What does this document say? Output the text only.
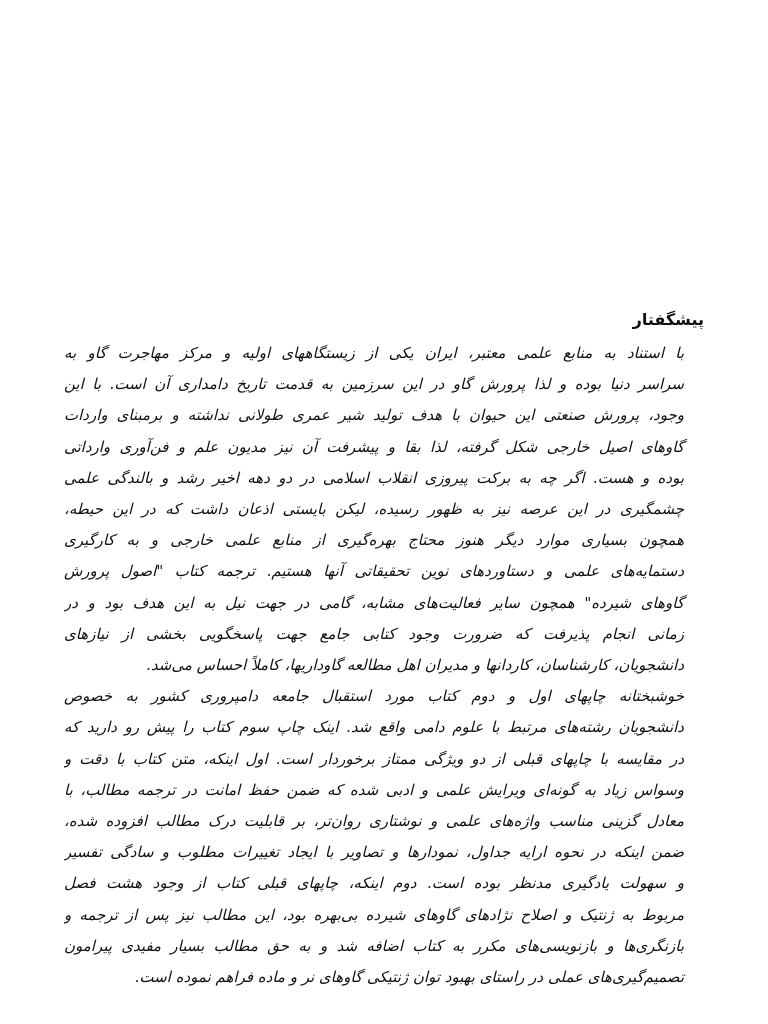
پیشگفتار

با استناد به منابع علمی معتبر، ایران یکی از زیستگاههای اولیه و مرکز مهاجرت گاو به
سراسر دنیا بوده و لذا پرورش گاو در این سرزمین به قدمت تاریخ دامداری آن است. با این
وجود، پرورش صنعتی این حیوان با هدف تولید شیر عمری طولانی نداشته و برمبنای واردات
گاوهای اصیل خارجی شکل گرفته، لذا بقا و پیشرفت آن نیز مدیون علم و فن‌آوری وارداتی
بوده و هست. اگر چه به برکت پیروزی انقلاب اسلامی در دو دهه اخیر رشد و بالندگی علمی
چشمگیری در این عرصه نیز به ظهور رسیده، لیکن بایستی اذعان داشت که در این حیطه،
همچون بسیاری موارد دیگر هنوز محتاج بهره‌گیری از منابع علمی خارجی و به کارگیری
دستمایه‌های علمی و دستاوردهای نوین تحقیقاتی آنها هستیم. ترجمه کتاب "اصول پرورش
گاوهای شیرده" همچون سایر فعالیت‌های مشابه، گامی در جهت نیل به این هدف بود و در
زمانی انجام پذیرفت که ضرورت وجود کتابی جامع جهت پاسخگویی بخشی از نیازهای
دانشجویان، کارشناسان، کاردانها و مدیران اهل مطالعه گاوداریها، کاملاً احساس می‌شد.

خوشبختانه چاپهای اول و دوم کتاب مورد استقبال جامعه دامپروری کشور به خصوص
دانشجویان رشته‌های مرتبط با علوم دامی واقع شد. اینک چاپ سوم کتاب را پیش رو دارید که
در مقایسه با چاپهای قبلی از دو ویژگی ممتاز برخوردار است. اول اینکه، متن کتاب با دقت و
وسواس زیاد به گونه‌ای ویرایش علمی و ادبی شده که ضمن حفظ امانت در ترجمه مطالب، با
معادل گزینی مناسب واژه‌های علمی و نوشتاری روان‌تر، بر قابلیت درک مطالب افزوده شده،
ضمن اینکه در نحوه ارایه جداول، نمودارها و تصاویر با ایجاد تغییرات مطلوب و سادگی تفسیر
و سهولت یادگیری مدنظر بوده است. دوم اینکه، چاپهای قبلی کتاب از وجود هشت فصل
مربوط به ژنتیک و اصلاح نژادهای گاوهای شیرده بی‌بهره بود، این مطالب نیز پس از ترجمه و
بازنگری‌ها و بازنویسی‌های مکرر به کتاب اضافه شد و به حق مطالب بسیار مفیدی پیرامون
تصمیم‌گیری‌های عملی در راستای بهبود توان ژنتیکی گاوهای نر و ماده فراهم نموده است.
